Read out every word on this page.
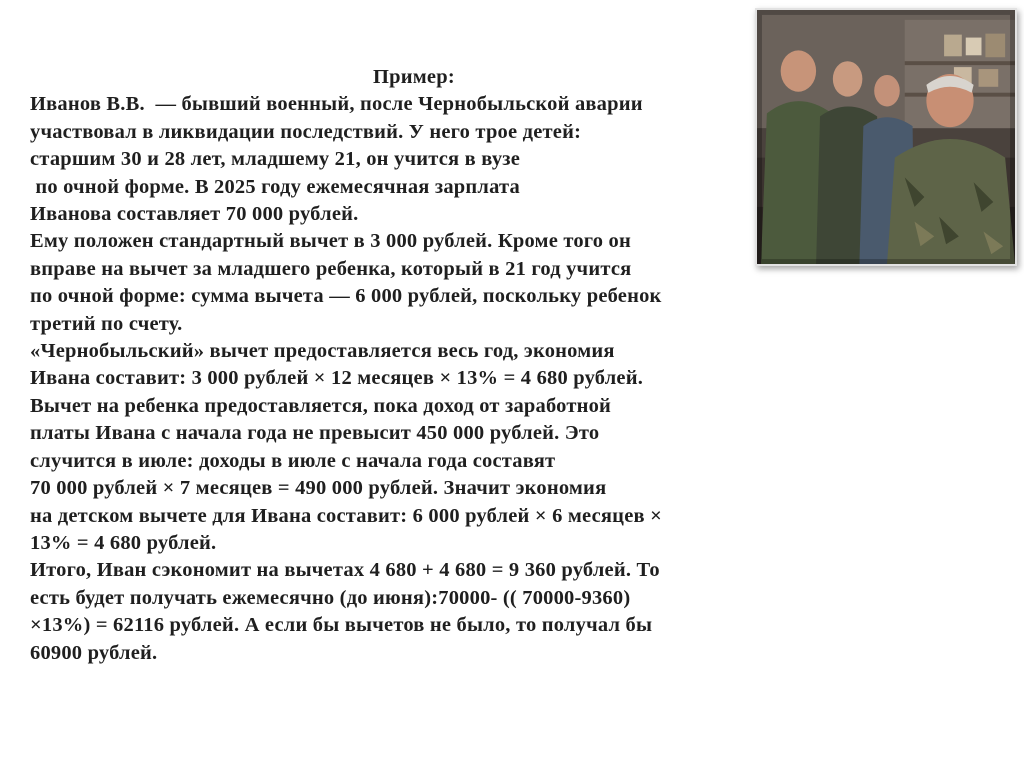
Пример:
Иванов В.В.  — бывший военный, после Чернобыльской аварии
участвовал в ликвидации последствий. У него трое детей:
старшим 30 и 28 лет, младшему 21, он учится в вузе
по очной форме. В 2025 году ежемесячная зарплата
Иванова составляет 70 000 рублей.
Ему положен стандартный вычет в 3 000 рублей. Кроме того он
вправе на вычет за младшего ребенка, который в 21 год учится
по очной форме: сумма вычета — 6 000 рублей, поскольку ребенок
третий по счету.
«Чернобыльский» вычет предоставляется весь год, экономия
Ивана составит: 3 000 рублей × 12 месяцев × 13% = 4 680 рублей.
Вычет на ребенка предоставляется, пока доход от заработной
платы Ивана с начала года не превысит 450 000 рублей. Это
случится в июле: доходы в июле с начала года составят
70 000 рублей × 7 месяцев = 490 000 рублей. Значит экономия
на детском вычете для Ивана составит: 6 000 рублей × 6 месяцев ×
13% = 4 680 рублей.
Итого, Иван сэкономит на вычетах 4 680 + 4 680 = 9 360 рублей. То
есть будет получать ежемесячно (до июня):70000- (( 70000-9360)
×13%) = 62116 рублей. А если бы вычетов не было, то получал бы
60900 рублей.
